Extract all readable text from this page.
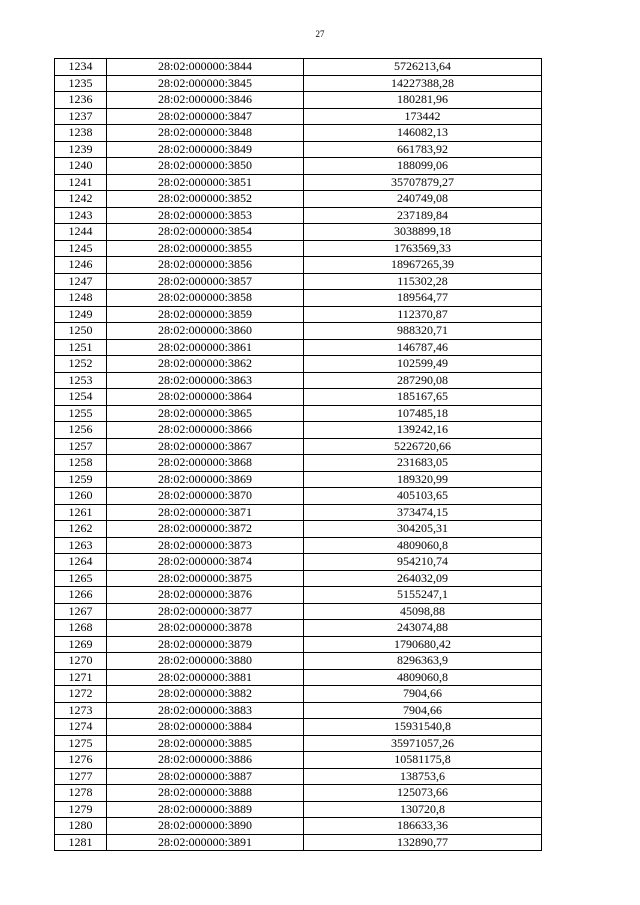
27
1234	28:02:000000:3844	5726213,64
1235	28:02:000000:3845	14227388,28
1236	28:02:000000:3846	180281,96
1237	28:02:000000:3847	173442
1238	28:02:000000:3848	146082,13
1239	28:02:000000:3849	661783,92
1240	28:02:000000:3850	188099,06
1241	28:02:000000:3851	35707879,27
1242	28:02:000000:3852	240749,08
1243	28:02:000000:3853	237189,84
1244	28:02:000000:3854	3038899,18
1245	28:02:000000:3855	1763569,33
1246	28:02:000000:3856	18967265,39
1247	28:02:000000:3857	115302,28
1248	28:02:000000:3858	189564,77
1249	28:02:000000:3859	112370,87
1250	28:02:000000:3860	988320,71
1251	28:02:000000:3861	146787,46
1252	28:02:000000:3862	102599,49
1253	28:02:000000:3863	287290,08
1254	28:02:000000:3864	185167,65
1255	28:02:000000:3865	107485,18
1256	28:02:000000:3866	139242,16
1257	28:02:000000:3867	5226720,66
1258	28:02:000000:3868	231683,05
1259	28:02:000000:3869	189320,99
1260	28:02:000000:3870	405103,65
1261	28:02:000000:3871	373474,15
1262	28:02:000000:3872	304205,31
1263	28:02:000000:3873	4809060,8
1264	28:02:000000:3874	954210,74
1265	28:02:000000:3875	264032,09
1266	28:02:000000:3876	5155247,1
1267	28:02:000000:3877	45098,88
1268	28:02:000000:3878	243074,88
1269	28:02:000000:3879	1790680,42
1270	28:02:000000:3880	8296363,9
1271	28:02:000000:3881	4809060,8
1272	28:02:000000:3882	7904,66
1273	28:02:000000:3883	7904,66
1274	28:02:000000:3884	15931540,8
1275	28:02:000000:3885	35971057,26
1276	28:02:000000:3886	10581175,8
1277	28:02:000000:3887	138753,6
1278	28:02:000000:3888	125073,66
1279	28:02:000000:3889	130720,8
1280	28:02:000000:3890	186633,36
1281	28:02:000000:3891	132890,77
